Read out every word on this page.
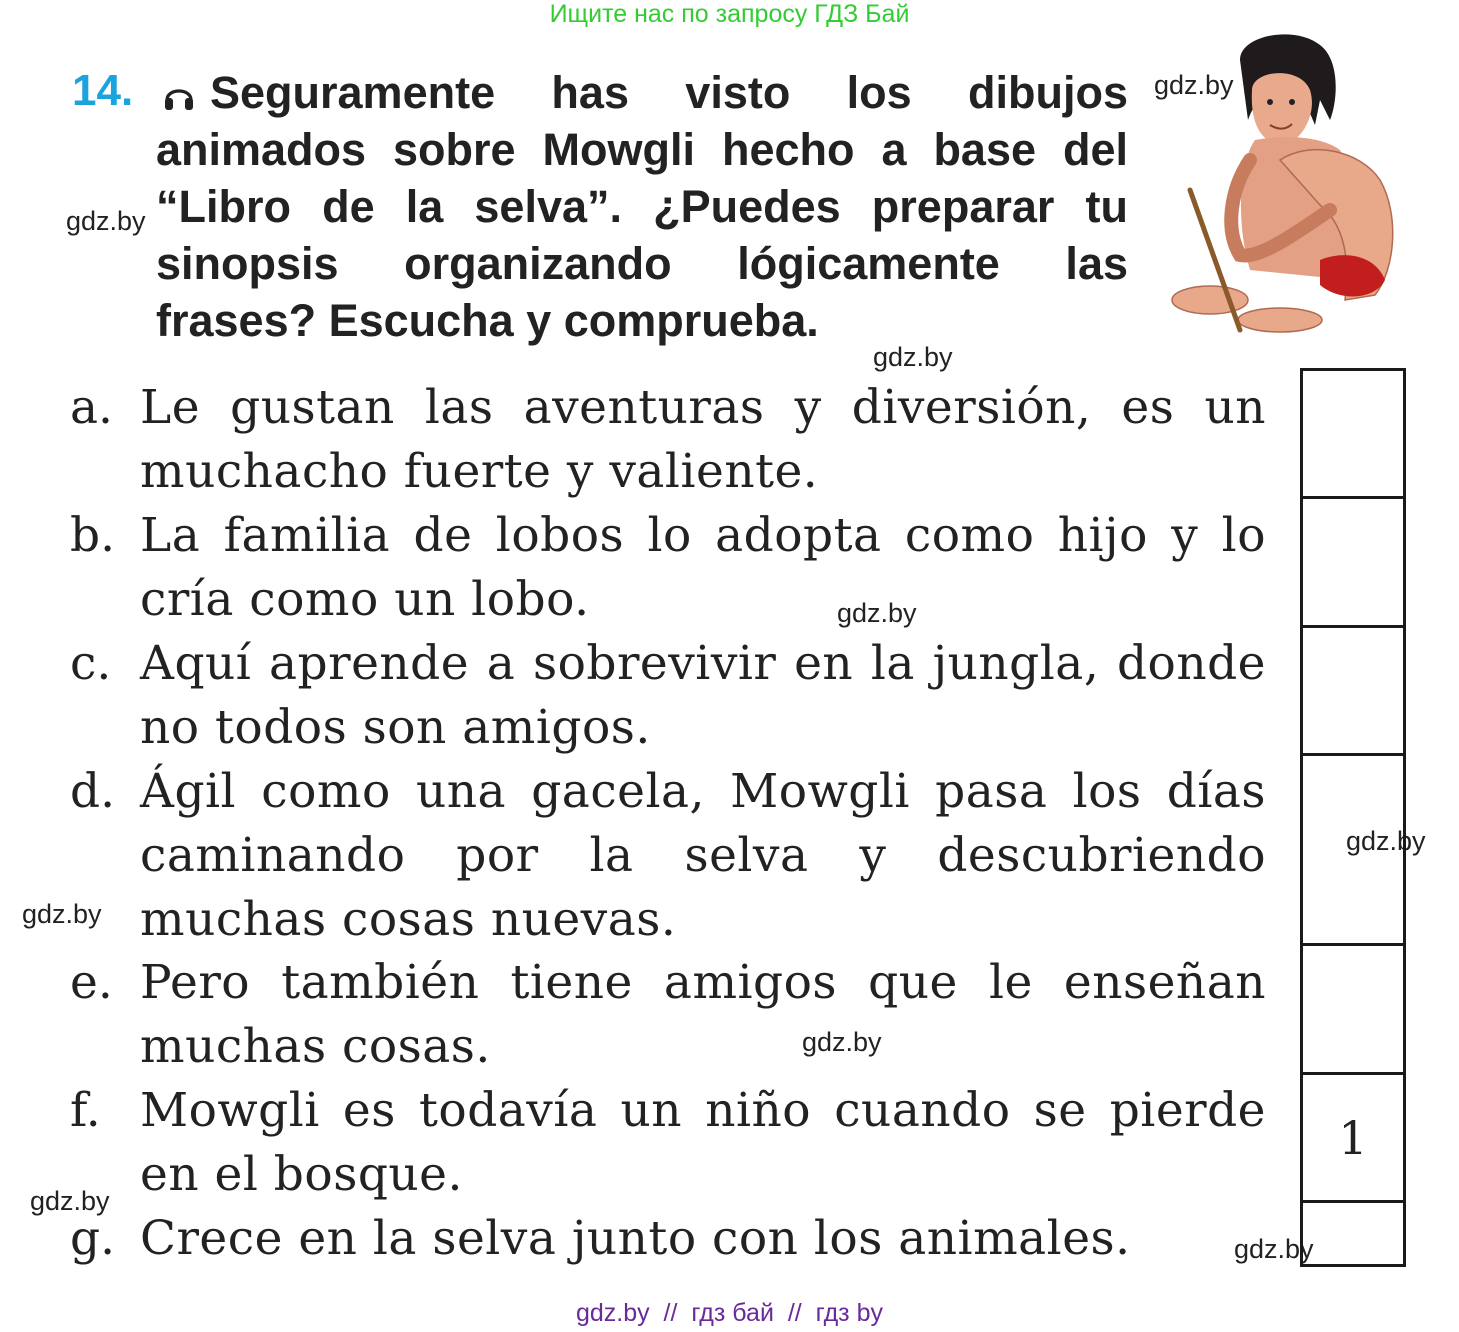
Ищите нас по запросу ГДЗ Бай
14.	Seguramente has visto los dibujos animados sobre Mowgli hecho a base del “Libro de la selva”. ¿Puedes preparar tu sinopsis organizando lógicamente las frases? Escucha y comprueba.

gdz.by
gdz.by
gdz.by
gdz.by
gdz.by
gdz.by
gdz.by
gdz.by
gdz.by
a. Le gustan las aventuras y diversión, es un muchacho fuerte y valiente.

b. La familia de lobos lo adopta como hijo y lo cría como un lobo.

c. Aquí aprende a sobrevivir en la jungla, donde no todos son amigos.

d. Ágil como una gacela, Mowgli pasa los días caminando por la selva y descubriendo muchas cosas nuevas.

e. Pero también tiene amigos que le enseñan muchas cosas.

f. Mowgli es todavía un niño cuando se pierde en el bosque.

g. Crece en la selva junto con los animales.

1
gdz.by  //  гдз бай  //  гдз by
